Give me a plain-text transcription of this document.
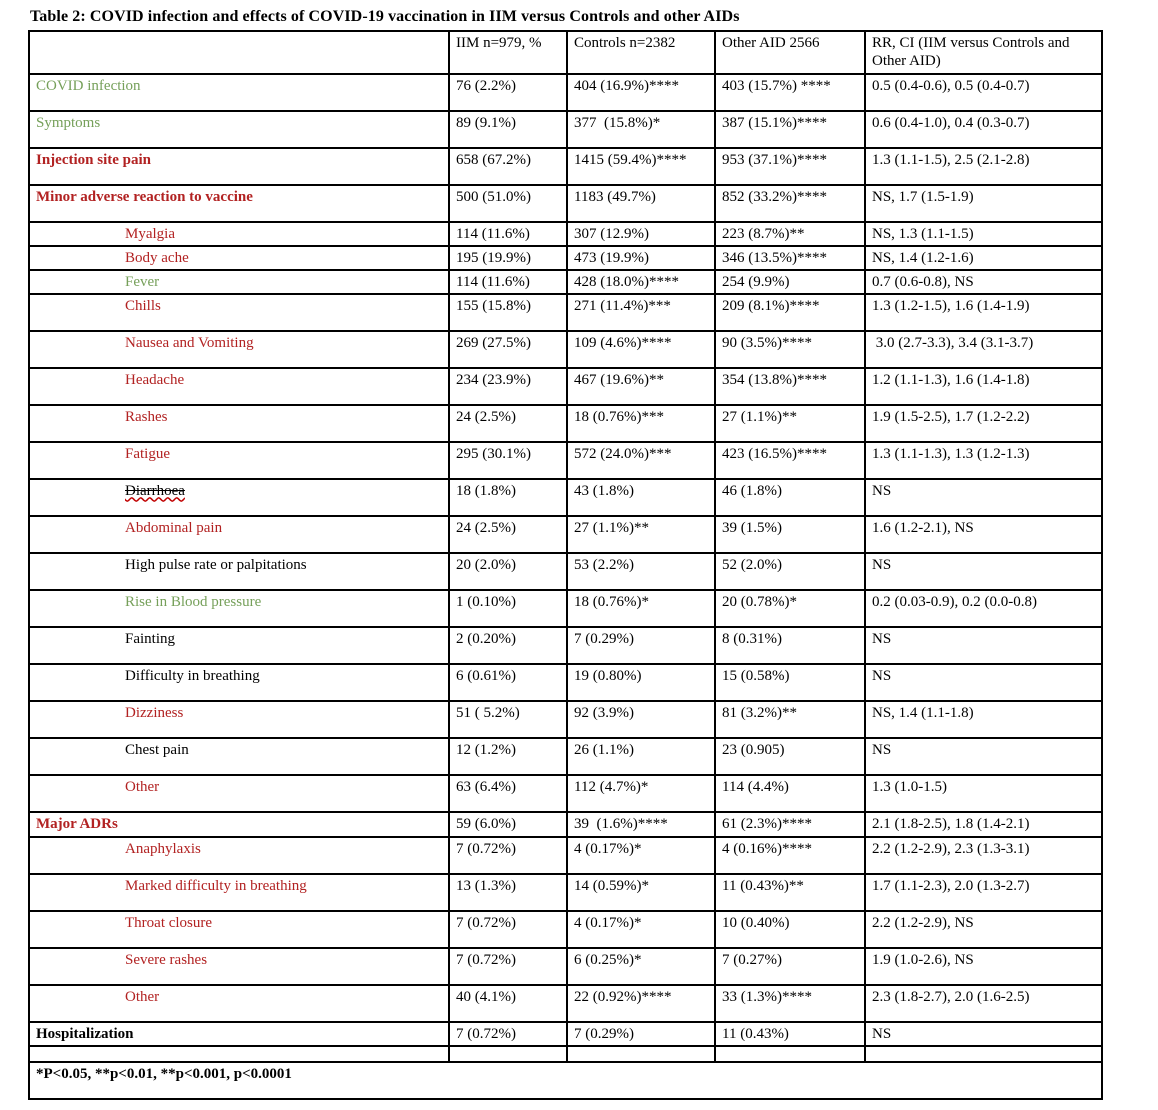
Table 2: COVID infection and effects of COVID-19 vaccination in IIM versus Controls and other AIDs
	IIM n=979, %	Controls n=2382	Other AID 2566	RR, CI (IIM versus Controls and Other AID)
COVID infection	76 (2.2%)	404 (16.9%)****	403 (15.7%) ****	0.5 (0.4-0.6), 0.5 (0.4-0.7)
Symptoms	89 (9.1%)	377  (15.8%)*	387 (15.1%)****	0.6 (0.4-1.0), 0.4 (0.3-0.7)
Injection site pain	658 (67.2%)	1415 (59.4%)****	953 (37.1%)****	1.3 (1.1-1.5), 2.5 (2.1-2.8)
Minor adverse reaction to vaccine	500 (51.0%)	1183 (49.7%)	852 (33.2%)****	NS, 1.7 (1.5-1.9)
Myalgia	114 (11.6%)	307 (12.9%)	223 (8.7%)**	NS, 1.3 (1.1-1.5)
Body ache	195 (19.9%)	473 (19.9%)	346 (13.5%)****	NS, 1.4 (1.2-1.6)
Fever	114 (11.6%)	428 (18.0%)****	254 (9.9%)	0.7 (0.6-0.8), NS
Chills	155 (15.8%)	271 (11.4%)***	209 (8.1%)****	1.3 (1.2-1.5), 1.6 (1.4-1.9)
Nausea and Vomiting	269 (27.5%)	109 (4.6%)****	90 (3.5%)****	3.0 (2.7-3.3), 3.4 (3.1-3.7)
Headache	234 (23.9%)	467 (19.6%)**	354 (13.8%)****	1.2 (1.1-1.3), 1.6 (1.4-1.8)
Rashes	24 (2.5%)	18 (0.76%)***	27 (1.1%)**	1.9 (1.5-2.5), 1.7 (1.2-2.2)
Fatigue	295 (30.1%)	572 (24.0%)***	423 (16.5%)****	1.3 (1.1-1.3), 1.3 (1.2-1.3)
Diarrhoea	18 (1.8%)	43 (1.8%)	46 (1.8%)	NS
Abdominal pain	24 (2.5%)	27 (1.1%)**	39 (1.5%)	1.6 (1.2-2.1), NS
High pulse rate or palpitations	20 (2.0%)	53 (2.2%)	52 (2.0%)	NS
Rise in Blood pressure	1 (0.10%)	18 (0.76%)*	20 (0.78%)*	0.2 (0.03-0.9), 0.2 (0.0-0.8)
Fainting	2 (0.20%)	7 (0.29%)	8 (0.31%)	NS
Difficulty in breathing	6 (0.61%)	19 (0.80%)	15 (0.58%)	NS
Dizziness	51 ( 5.2%)	92 (3.9%)	81 (3.2%)**	NS, 1.4 (1.1-1.8)
Chest pain	12 (1.2%)	26 (1.1%)	23 (0.905)	NS
Other	63 (6.4%)	112 (4.7%)*	114 (4.4%)	1.3 (1.0-1.5)
Major ADRs	59 (6.0%)	39  (1.6%)****	61 (2.3%)****	2.1 (1.8-2.5), 1.8 (1.4-2.1)
Anaphylaxis	7 (0.72%)	4 (0.17%)*	4 (0.16%)****	2.2 (1.2-2.9), 2.3 (1.3-3.1)
Marked difficulty in breathing	13 (1.3%)	14 (0.59%)*	11 (0.43%)**	1.7 (1.1-2.3), 2.0 (1.3-2.7)
Throat closure	7 (0.72%)	4 (0.17%)*	10 (0.40%)	2.2 (1.2-2.9), NS
Severe rashes	7 (0.72%)	6 (0.25%)*	7 (0.27%)	1.9 (1.0-2.6), NS
Other	40 (4.1%)	22 (0.92%)****	33 (1.3%)****	2.3 (1.8-2.7), 2.0 (1.6-2.5)
Hospitalization	7 (0.72%)	7 (0.29%)	11 (0.43%)	NS

*P<0.05, **p<0.01, **p<0.001, p<0.0001				
